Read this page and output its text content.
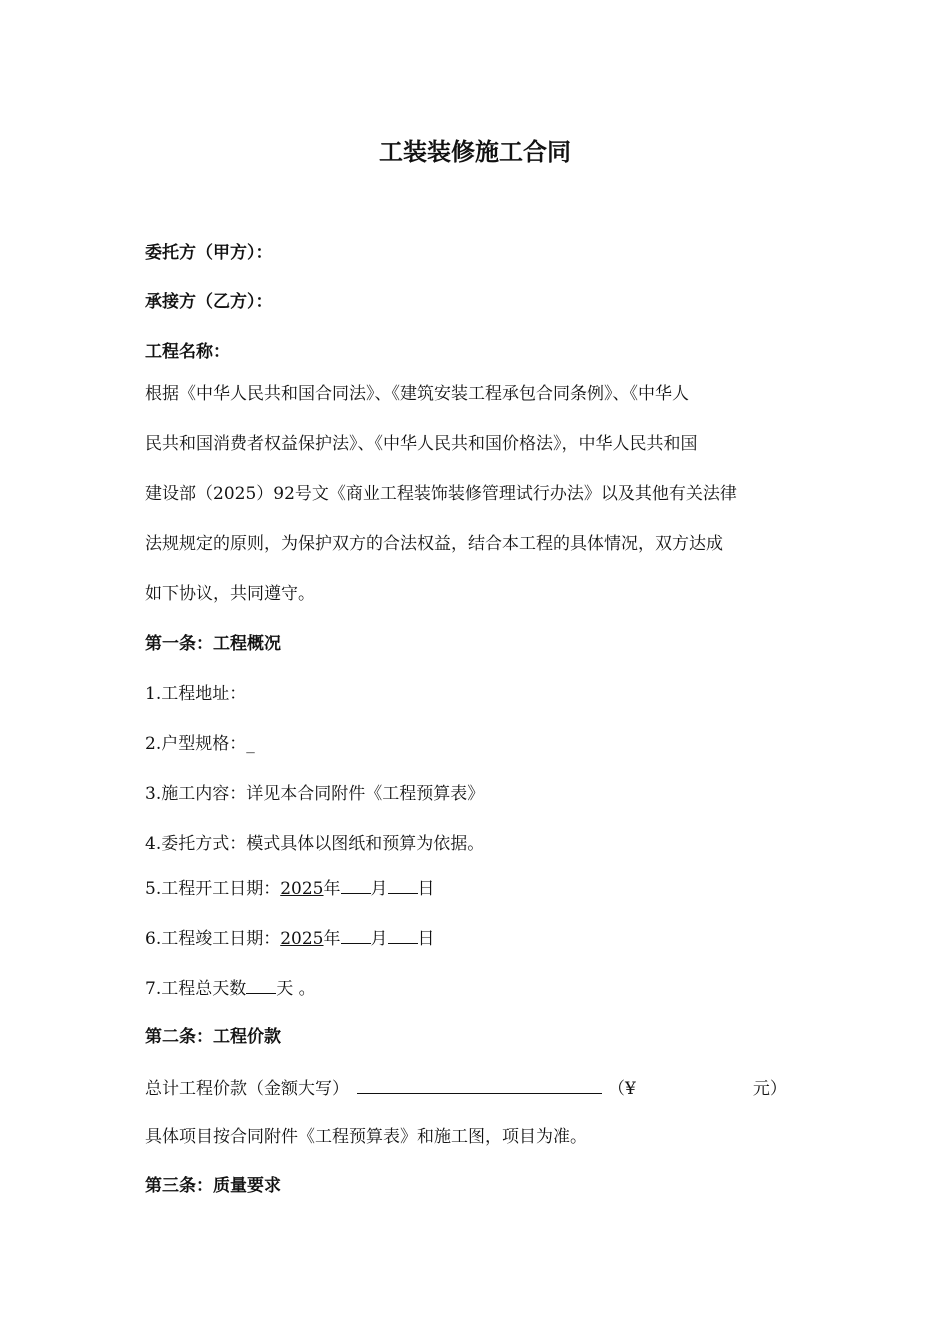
工装装修施工合同
委托方（甲方）：
承接方（乙方）：
工程名称：
根据《中华人民共和国合同法》、《建筑安装工程承包合同条例》、《中华人
民共和国消费者权益保护法》、《中华人民共和国价格法》，中华人民共和国
建设部（2025）92号文《商业工程装饰装修管理试行办法》以及其他有关法律
法规规定的原则，为保护双方的合法权益，结合本工程的具体情况，双方达成
如下协议，共同遵守。
第一条：工程概况
1.工程地址：
2.户型规格：_
3.施工内容：详见本合同附件《工程预算表》
4.委托方式：模式具体以图纸和预算为依据。
5.工程开工日期：2025年 月 日
6.工程竣工日期：2025年 月 日
7.工程总天数 天 。
第二条：工程价款
总计工程价款（金额大写）	（¥	元）
具体项目按合同附件《工程预算表》和施工图，项目为准。
第三条：质量要求
